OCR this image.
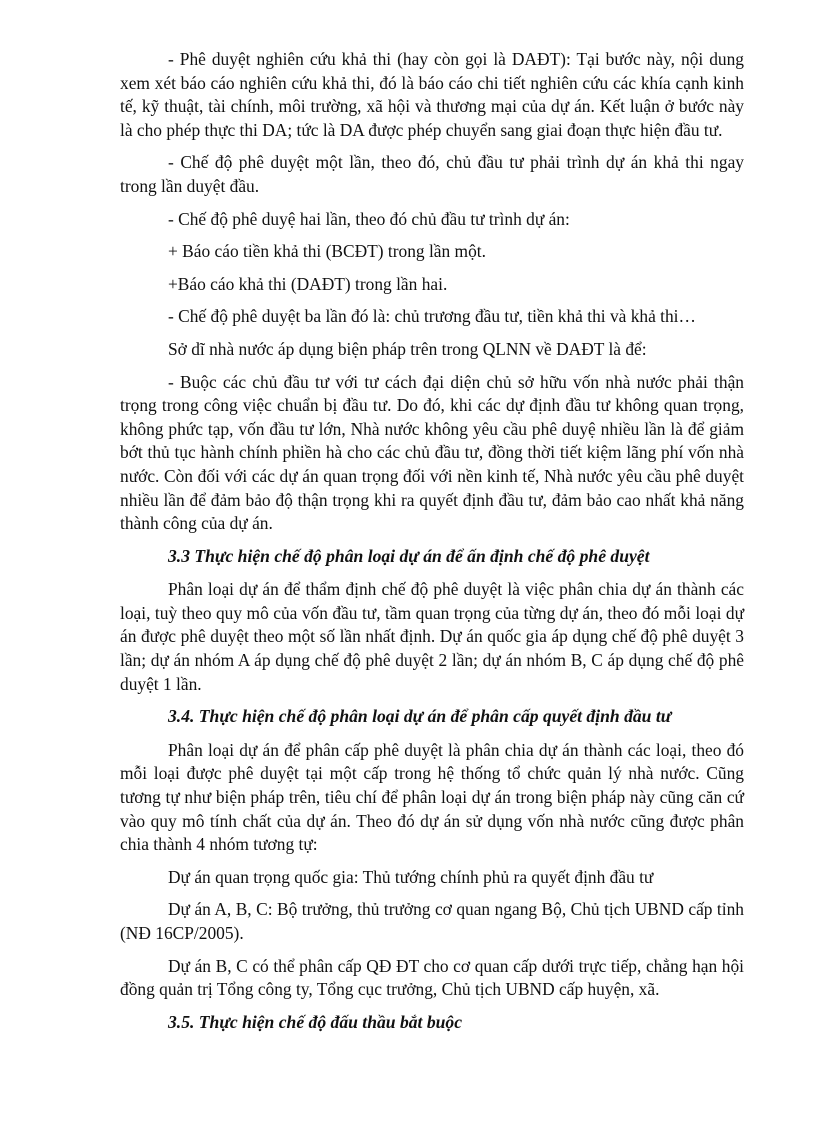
- Phê duyệt nghiên cứu khả thi (hay còn gọi là DAĐT): Tại bước này, nội dung xem xét báo cáo nghiên cứu khả thi, đó là báo cáo chi tiết nghiên cứu các khía cạnh kinh tế, kỹ thuật, tài chính, môi trường, xã hội và thương mại của dự án. Kết luận ở bước này là cho phép thực thi DA; tức là DA được phép chuyển sang giai đoạn thực hiện đầu tư.

- Chế độ phê duyệt một lần, theo đó, chủ đầu tư phải trình dự án khả thi ngay trong lần duyệt đầu.

- Chế độ phê duyệ hai lần, theo đó chủ đầu tư trình dự án:

+ Báo cáo tiền khả thi (BCĐT) trong lần một.

+Báo cáo khả thi (DAĐT) trong lần hai.

- Chế độ phê duyệt ba lần đó là: chủ trương đầu tư, tiền khả thi và khả thi…

Sở dĩ nhà nước áp dụng biện pháp trên trong QLNN về DAĐT là để:

- Buộc các chủ đầu tư với tư cách đại diện chủ sở hữu vốn nhà nước phải thận trọng trong công việc chuẩn bị đầu tư. Do đó, khi các dự định đầu tư không quan trọng, không phức tạp, vốn đầu tư lớn, Nhà nước không yêu cầu phê duyệ nhiều lần là để giảm bớt thủ tục hành chính phiền hà cho các chủ đầu tư, đồng thời tiết kiệm lãng phí vốn nhà nước. Còn đối với các dự án quan trọng đối với nền kinh tế, Nhà nước yêu cầu phê duyệt nhiều lần để đảm bảo độ thận trọng khi ra quyết định đầu tư, đảm bảo cao nhất khả năng thành công của dự án.

3.3 Thực hiện chế độ phân loại dự án để ấn định chế độ phê duyệt

Phân loại dự án để thẩm định chế độ phê duyệt là việc phân chia dự án thành các loại, tuỳ theo quy mô của vốn đầu tư, tầm quan trọng của từng dự án, theo đó mỗi loại dự án được phê duyệt theo một số lần nhất định. Dự án quốc gia áp dụng chế độ phê duyệt 3 lần; dự án nhóm A áp dụng chế độ phê duyệt 2 lần; dự án nhóm B, C áp dụng chế độ phê duyệt 1 lần.

3.4. Thực hiện chế độ phân loại dự án để phân cấp quyết định đầu tư

Phân loại dự án để phân cấp phê duyệt là phân chia dự án thành các loại, theo đó mỗi loại được phê duyệt tại một cấp trong hệ thống tổ chức quản lý nhà nước. Cũng tương tự như biện pháp trên, tiêu chí để phân loại dự án trong biện pháp này cũng căn cứ vào quy mô tính chất của dự án. Theo đó dự án sử dụng vốn nhà nước cũng được phân chia thành 4 nhóm tương tự:

Dự án quan trọng quốc gia: Thủ tướng chính phủ ra quyết định đầu tư

Dự án A, B, C: Bộ trưởng, thủ trưởng cơ quan ngang Bộ, Chủ tịch UBND cấp tỉnh (NĐ 16CP/2005).

Dự án B, C có thể phân cấp QĐ ĐT cho cơ quan cấp dưới trực tiếp, chẳng hạn hội đồng quản trị Tổng công ty, Tổng cục trưởng, Chủ tịch UBND cấp huyện, xã.

3.5. Thực hiện chế độ đấu thầu bắt buộc
